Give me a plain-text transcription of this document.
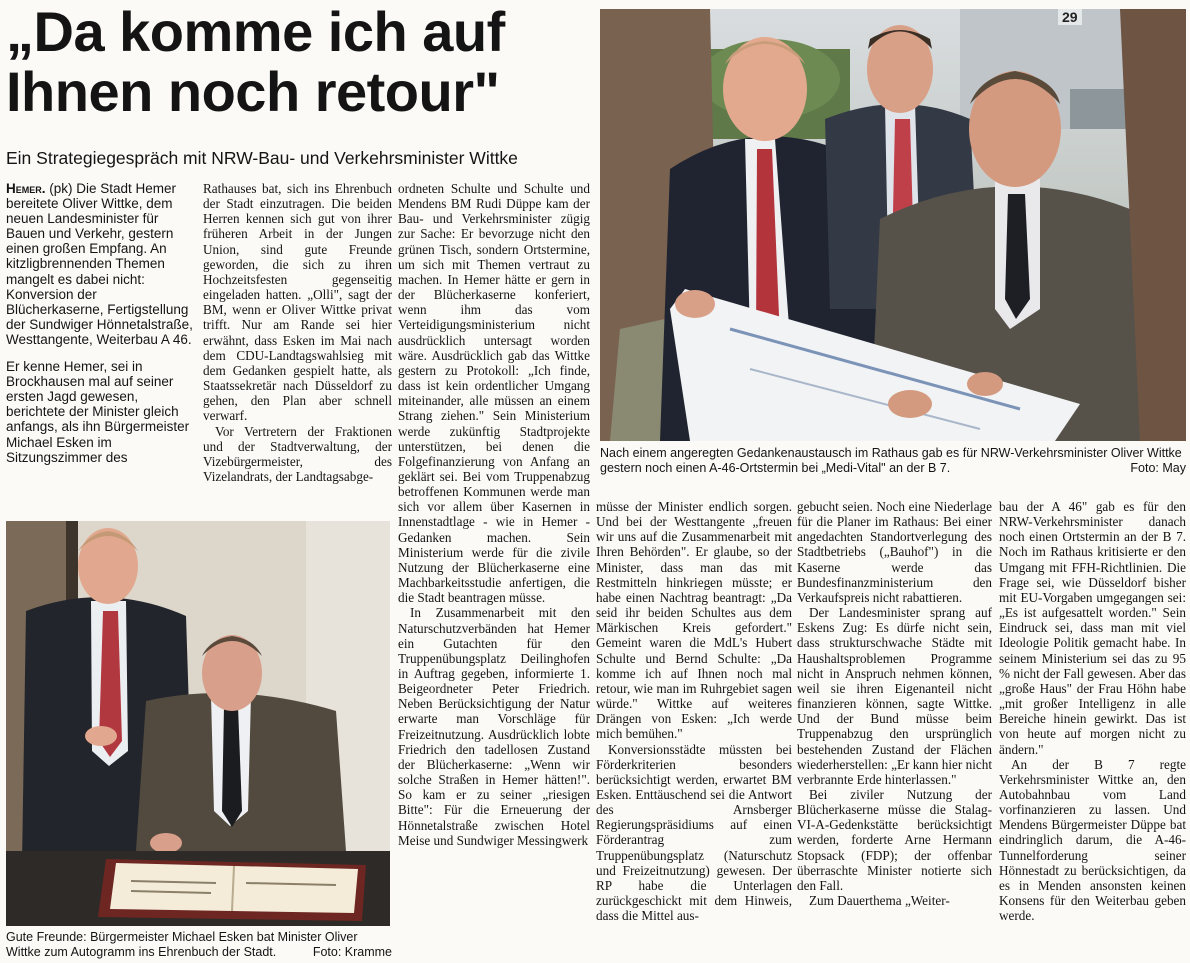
„Da komme ich auf Ihnen noch retour"
Ein Strategiegespräch mit NRW-Bau- und Verkehrsminister Wittke

Hemer. (pk) Die Stadt Hemer bereitete Oliver Wittke, dem neuen Landesminister für Bauen und Verkehr, gestern einen großen Empfang. An kitzligbrennenden Themen mangelt es dabei nicht: Konversion der Blücherkaserne, Fertigstellung der Sundwiger Hönnetalstraße, Westtangente, Weiterbau A 46.

Er kenne Hemer, sei in Brockhausen mal auf seiner ersten Jagd gewesen, berichtete der Minister gleich anfangs, als ihn Bürgermeister Michael Esken im Sitzungszimmer des

Rathauses bat, sich ins Ehrenbuch der Stadt einzutragen. Die beiden Herren kennen sich gut von ihrer früheren Arbeit in der Jungen Union, sind gute Freunde geworden, die sich zu ihren Hochzeitsfesten gegenseitig eingeladen hatten. „Olli", sagt der BM, wenn er Oliver Wittke privat trifft. Nur am Rande sei hier erwähnt, dass Esken im Mai nach dem CDU-Landtagswahlsieg mit dem Gedanken gespielt hatte, als Staatssekretär nach Düsseldorf zu gehen, den Plan aber schnell verwarf.

Vor Vertretern der Fraktionen und der Stadtverwaltung, der Vizebürgermeister, des Vizelandrats, der Landtagsabge-

ordneten Schulte und Schulte und Mendens BM Rudi Düppe kam der Bau- und Verkehrsminister zügig zur Sache: Er bevorzuge nicht den grünen Tisch, sondern Ortstermine, um sich mit Themen vertraut zu machen. In Hemer hätte er gern in der Blücherkaserne konferiert, wenn ihm das vom Verteidigungsministerium nicht ausdrücklich untersagt worden wäre. Ausdrücklich gab das Wittke gestern zu Protokoll: „Ich finde, dass ist kein ordentlicher Umgang miteinander, alle müssen an einem Strang ziehen." Sein Ministerium werde zukünftig Stadtprojekte unterstützen, bei denen die Folgefinanzierung von Anfang an geklärt sei. Bei vom Truppenabzug betroffenen Kommunen werde man sich vor allem über Kasernen in Innenstadtlage - wie in Hemer - Gedanken machen. Sein Ministerium werde für die zivile Nutzung der Blücherkaserne eine Machbarkeitsstudie anfertigen, die die Stadt beantragen müsse.

In Zusammenarbeit mit den Naturschutzverbänden hat Hemer ein Gutachten für den Truppenübungsplatz Deilinghofen in Auftrag gegeben, informierte 1. Beigeordneter Peter Friedrich. Neben Berücksichtigung der Natur erwarte man Vorschläge für Freizeitnutzung. Ausdrücklich lobte Friedrich den tadellosen Zustand der Blücherkaserne: „Wenn wir solche Straßen in Hemer hätten!". So kam er zu seiner „riesigen Bitte": Für die Erneuerung der Hönnetalstraße zwischen Hotel Meise und Sundwiger Messingwerk

müsse der Minister endlich sorgen. Und bei der Westtangente „freuen wir uns auf die Zusammenarbeit mit Ihren Behörden". Er glaube, so der Minister, dass man das mit Restmitteln hinkriegen müsste; er habe einen Nachtrag beantragt: „Da seid ihr beiden Schultes aus dem Märkischen Kreis gefordert." Gemeint waren die MdL's Hubert Schulte und Bernd Schulte: „Da komme ich auf Ihnen noch mal retour, wie man im Ruhrgebiet sagen würde." Wittke auf weiteres Drängen von Esken: „Ich werde mich bemühen."

Konversionsstädte müssten bei Förderkriterien besonders berücksichtigt werden, erwartet BM Esken. Enttäuschend sei die Antwort des Arnsberger Regierungspräsidiums auf einen Förderantrag zum Truppenübungsplatz (Naturschutz und Freizeitnutzung) gewesen. Der RP habe die Unterlagen zurückgeschickt mit dem Hinweis, dass die Mittel aus-

gebucht seien. Noch eine Niederlage für die Planer im Rathaus: Bei einer angedachten Standortverlegung des Stadtbetriebs („Bauhof") in die Kaserne werde das Bundesfinanzministerium den Verkaufspreis nicht rabattieren.

Der Landesminister sprang auf Eskens Zug: Es dürfe nicht sein, dass strukturschwache Städte mit Haushaltsproblemen Programme nicht in Anspruch nehmen können, weil sie ihren Eigenanteil nicht finanzieren können, sagte Wittke. Und der Bund müsse beim Truppenabzug den ursprünglich bestehenden Zustand der Flächen wiederherstellen: „Er kann hier nicht verbrannte Erde hinterlassen."

Bei ziviler Nutzung der Blücherkaserne müsse die Stalag-VI-A-Gedenkstätte berücksichtigt werden, forderte Arne Hermann Stopsack (FDP); der offenbar überraschte Minister notierte sich den Fall.

Zum Dauerthema „Weiter-

bau der A 46" gab es für den NRW-Verkehrsminister danach noch einen Ortstermin an der B 7. Noch im Rathaus kritisierte er den Umgang mit FFH-Richtlinien. Die Frage sei, wie Düsseldorf bisher mit EU-Vorgaben umgegangen sei: „Es ist aufgesattelt worden." Sein Eindruck sei, dass man mit viel Ideologie Politik gemacht habe. In seinem Ministerium sei das zu 95 % nicht der Fall gewesen. Aber das „große Haus" der Frau Höhn habe „mit großer Intelligenz in alle Bereiche hinein gewirkt. Das ist von heute auf morgen nicht zu ändern."

An der B 7 regte Verkehrsminister Wittke an, den Autobahnbau vom Land vorfinanzieren zu lassen. Und Mendens Bürgermeister Düppe bat eindringlich darum, die A-46-Tunnelforderung seiner Hönnestadt zu berücksichtigen, da es in Menden ansonsten keinen Konsens für den Weiterbau geben werde.

29
Nach einem angeregten Gedankenaustausch im Rathaus gab es für NRW-Verkehrsminister Oliver Wittke gestern noch einen A-46-Ortstermin bei „Medi-Vital" an der B 7.	Foto: May
Gute Freunde: Bürgermeister Michael Esken bat Minister Oliver Wittke zum Autogramm ins Ehrenbuch der Stadt.	Foto: Kramme
